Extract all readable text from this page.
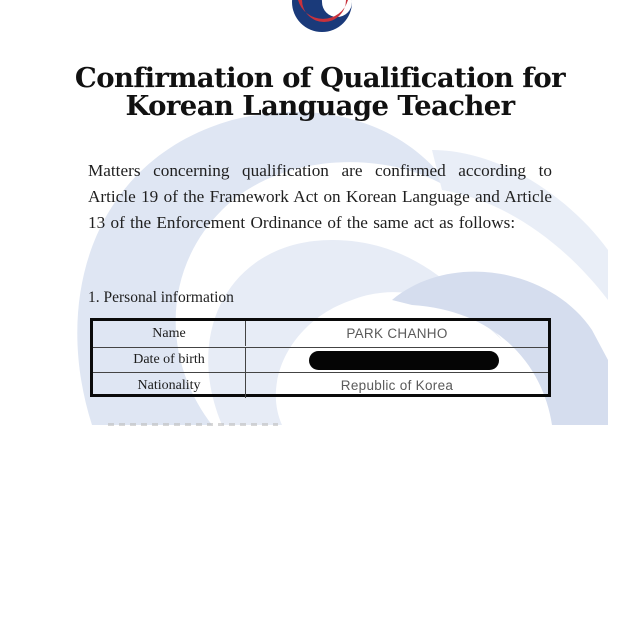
Confirmation of Qualification for
Korean Language Teacher
Matters concerning qualification are confirmed according to Article 19 of the Framework Act on Korean Language and Article 13 of the Enforcement Ordinance of the same act as follows:
1. Personal information
Name	PARK CHANHO
Date of birth
Nationality	Republic of Korea
